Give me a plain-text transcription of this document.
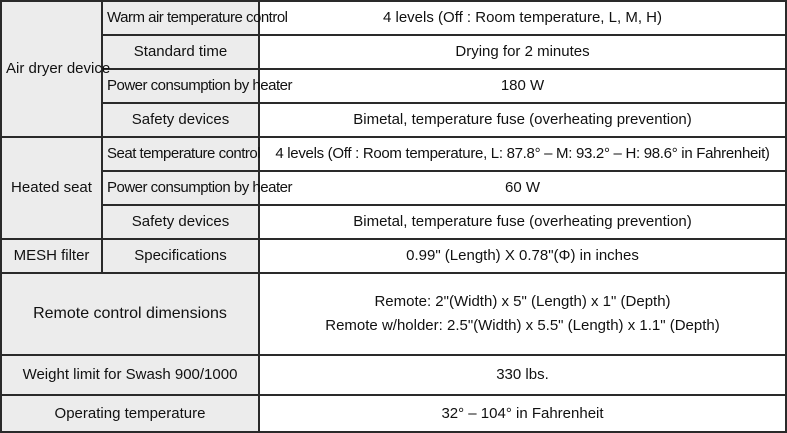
Air dryer device	Warm air temperature control	4 levels (Off : Room temperature, L, M, H)
	Standard time	Drying for 2 minutes
	Power consumption by heater	180 W
	Safety devices	Bimetal, temperature fuse (overheating prevention)
Heated seat	Seat temperature control	4 levels (Off : Room temperature, L: 87.8° – M: 93.2° – H: 98.6° in Fahrenheit)
	Power consumption by heater	60 W
	Safety devices	Bimetal, temperature fuse (overheating prevention)
MESH filter	Specifications	0.99" (Length) X 0.78"(Φ) in inches
Remote control dimensions		Remote: 2"(Width) x 5" (Length) x 1" (Depth)
Remote w/holder: 2.5"(Width) x 5.5" (Length) x 1.1" (Depth)

Weight limit for Swash 900/1000		330 lbs.
Operating temperature		32° – 104° in Fahrenheit
